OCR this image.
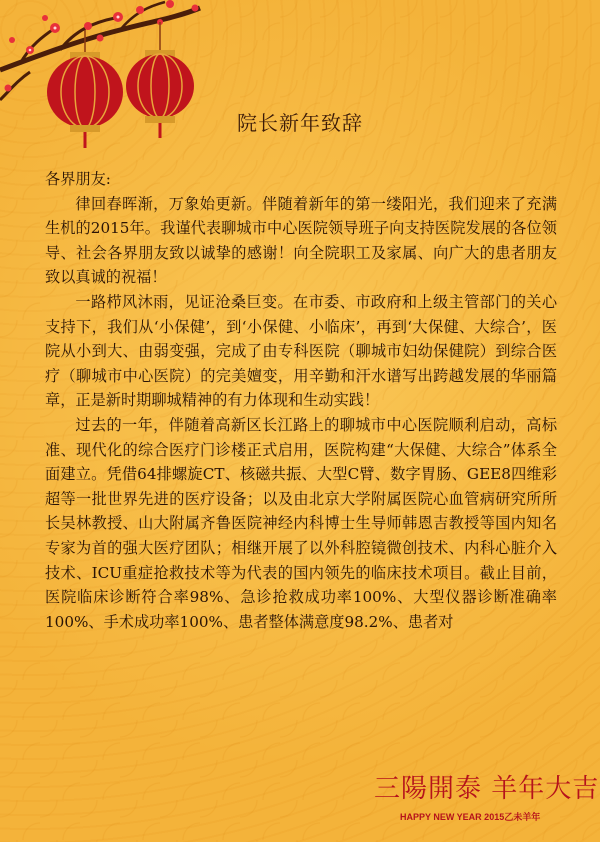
院长新年致辞

各界朋友:

律回春晖渐，万象始更新。伴随着新年的第一缕阳光，我们迎来了充满生机的2015年。我谨代表聊城市中心医院领导班子向支持医院发展的各位领导、社会各界朋友致以诚挚的感谢！向全院职工及家属、向广大的患者朋友致以真诚的祝福！

一路栉风沐雨，见证沧桑巨变。在市委、市政府和上级主管部门的关心支持下，我们从‘小保健’，到‘小保健、小临床’，再到‘大保健、大综合’，医院从小到大、由弱变强，完成了由专科医院（聊城市妇幼保健院）到综合医疗（聊城市中心医院）的完美嬗变，用辛勤和汗水谱写出跨越发展的华丽篇章，正是新时期聊城精神的有力体现和生动实践！

过去的一年，伴随着高新区长江路上的聊城市中心医院顺利启动，高标准、现代化的综合医疗门诊楼正式启用，医院构建“大保健、大综合”体系全面建立。凭借64排螺旋CT、核磁共振、大型C臂、数字胃肠、GEE8四维彩超等一批世界先进的医疗设备；以及由北京大学附属医院心血管病研究所所长吴林教授、山大附属齐鲁医院神经内科博士生导师韩恩吉教授等国内知名专家为首的强大医疗团队；相继开展了以外科腔镜微创技术、内科心脏介入技术、ICU重症抢救技术等为代表的国内领先的临床技术项目。截止目前，医院临床诊断符合率98%、急诊抢救成功率100%、大型仪器诊断准确率100%、手术成功率100%、患者整体满意度98.2%、患者对

三陽開泰 羊年大吉
HAPPY NEW YEAR 2015乙未羊年
